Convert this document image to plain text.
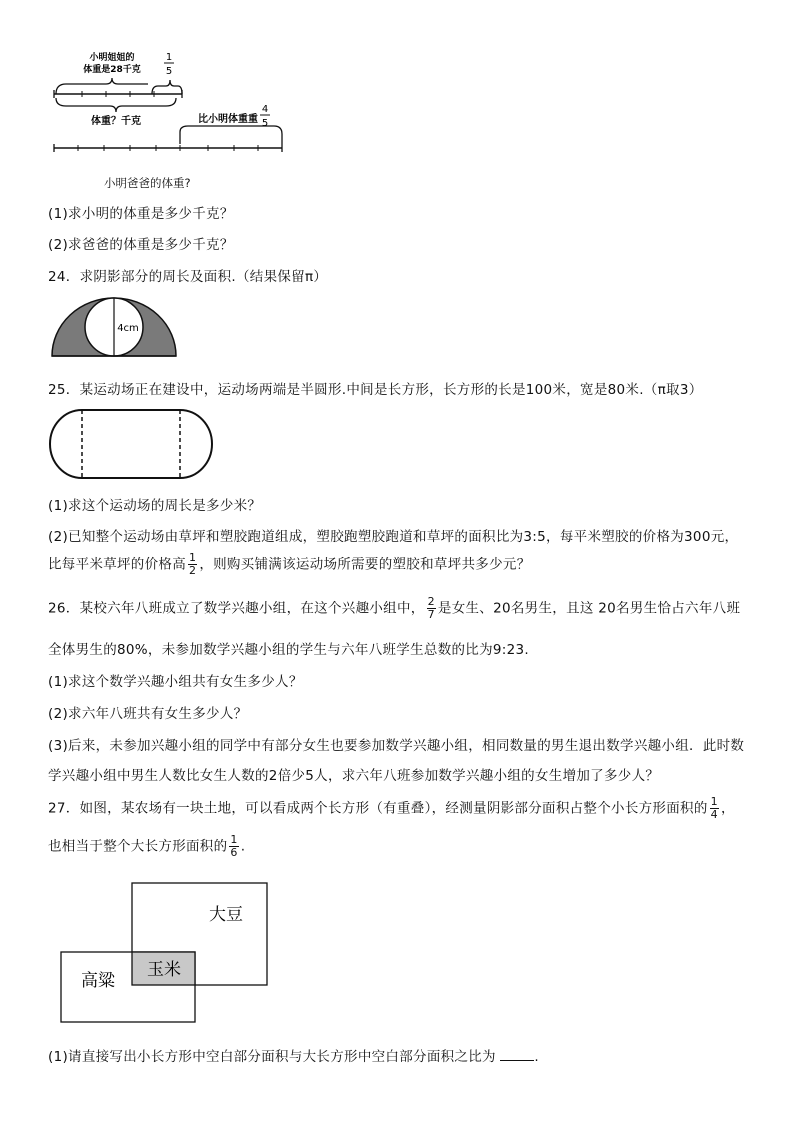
小明姐姐的
体重是28千克
1
5
体重？千克	比小明体重重
4
5
小明爸爸的体重?
(1)求小明的体重是多少千克？
(2)求爸爸的体重是多少千克？
24．求阴影部分的周长及面积.（结果保留π）
4cm
25．某运动场正在建设中，运动场两端是半圆形.中间是长方形，长方形的长是100米，宽是80米.（π取3）
(1)求这个运动场的周长是多少米？
(2)已知整个运动场由草坪和塑胶跑道组成，塑胶跑塑胶跑道和草坪的面积比为3:5，每平米塑胶的价格为300元，
比每平米草坪的价格高 $\frac{1}{2}$ ，则购买铺满该运动场所需要的塑胶和草坪共多少元？
26．某校六年八班成立了数学兴趣小组，在这个兴趣小组中， $\frac{2}{7}$ 是女生、20名男生，且这 20名男生恰占六年八班
全体男生的80%，未参加数学兴趣小组的学生与六年八班学生总数的比为9:23.
(1)求这个数学兴趣小组共有女生多少人？
(2)求六年八班共有女生多少人？
(3)后来，未参加兴趣小组的同学中有部分女生也要参加数学兴趣小组，相同数量的男生退出数学兴趣小组．此时数
学兴趣小组中男生人数比女生人数的2倍少5人，求六年八班参加数学兴趣小组的女生增加了多少人？
27．如图，某农场有一块土地，可以看成两个长方形（有重叠），经测量阴影部分面积占整个小长方形面积的 $\frac{1}{4}$ ，
也相当于整个大长方形面积的 $\frac{1}{6}$ .
大豆
高粱
玉米
(1)请直接写出小长方形中空白部分面积与大长方形中空白部分面积之比为	.
